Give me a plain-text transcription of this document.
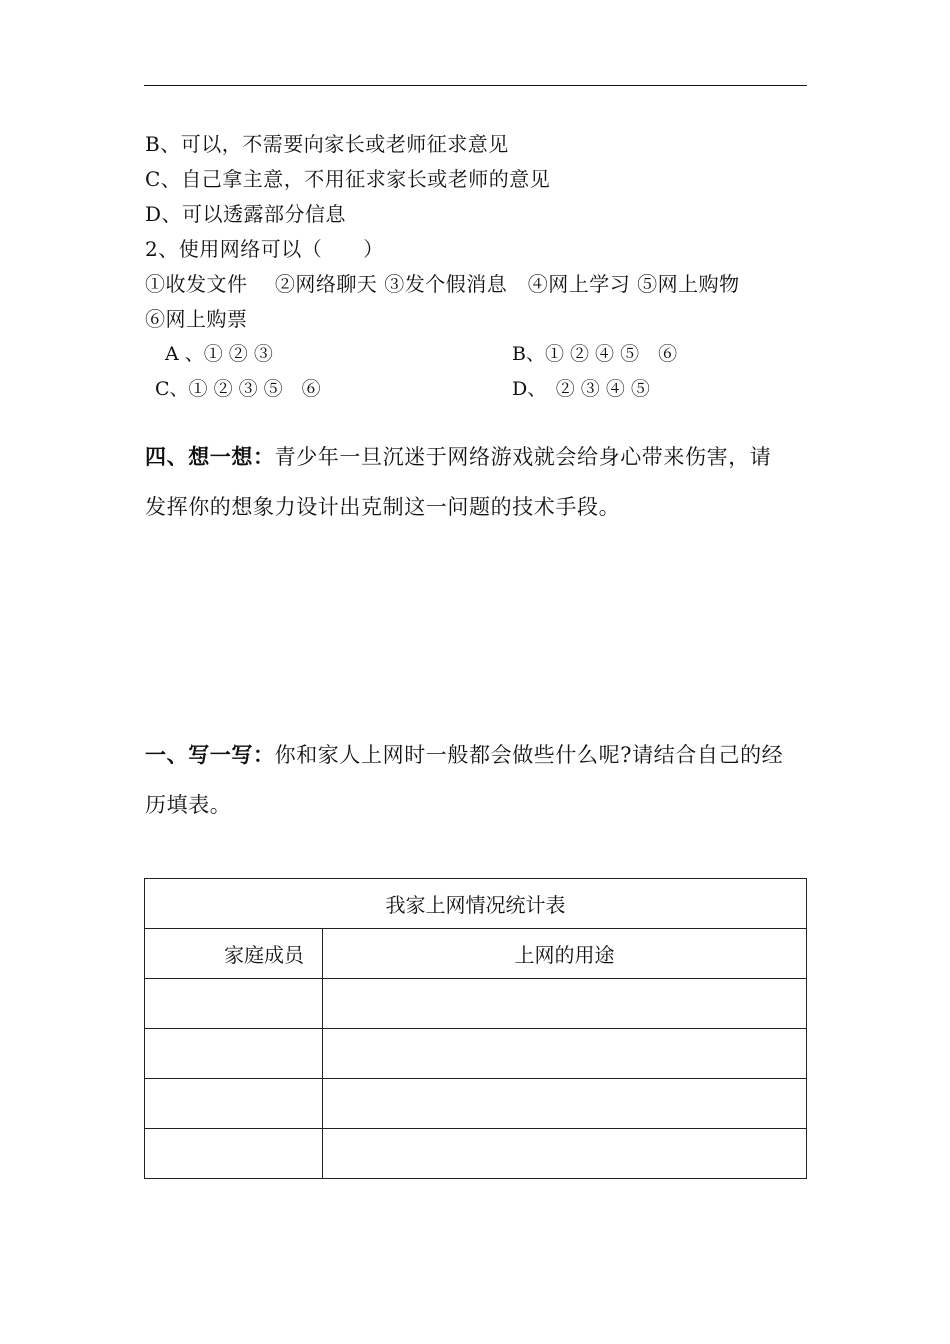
B、可以，不需要向家长或老师征求意见
C、自己拿主意，不用征求家长或老师的意见
D、可以透露部分信息
2、使用网络可以（　　）
①收发文件　 ②网络聊天 ③发个假消息　④网上学习 ⑤网上购物
⑥网上购票
A 、① ② ③	B、① ② ④ ⑤　⑥
C、① ② ③ ⑤　⑥	D、　② ③ ④ ⑤
四、想一想：青少年一旦沉迷于网络游戏就会给身心带来伤害，请
发挥你的想象力设计出克制这一问题的技术手段。
一、写一写：你和家人上网时一般都会做些什么呢?请结合自己的经
历填表。
我家上网情况统计表	
家庭成员	上网的用途
